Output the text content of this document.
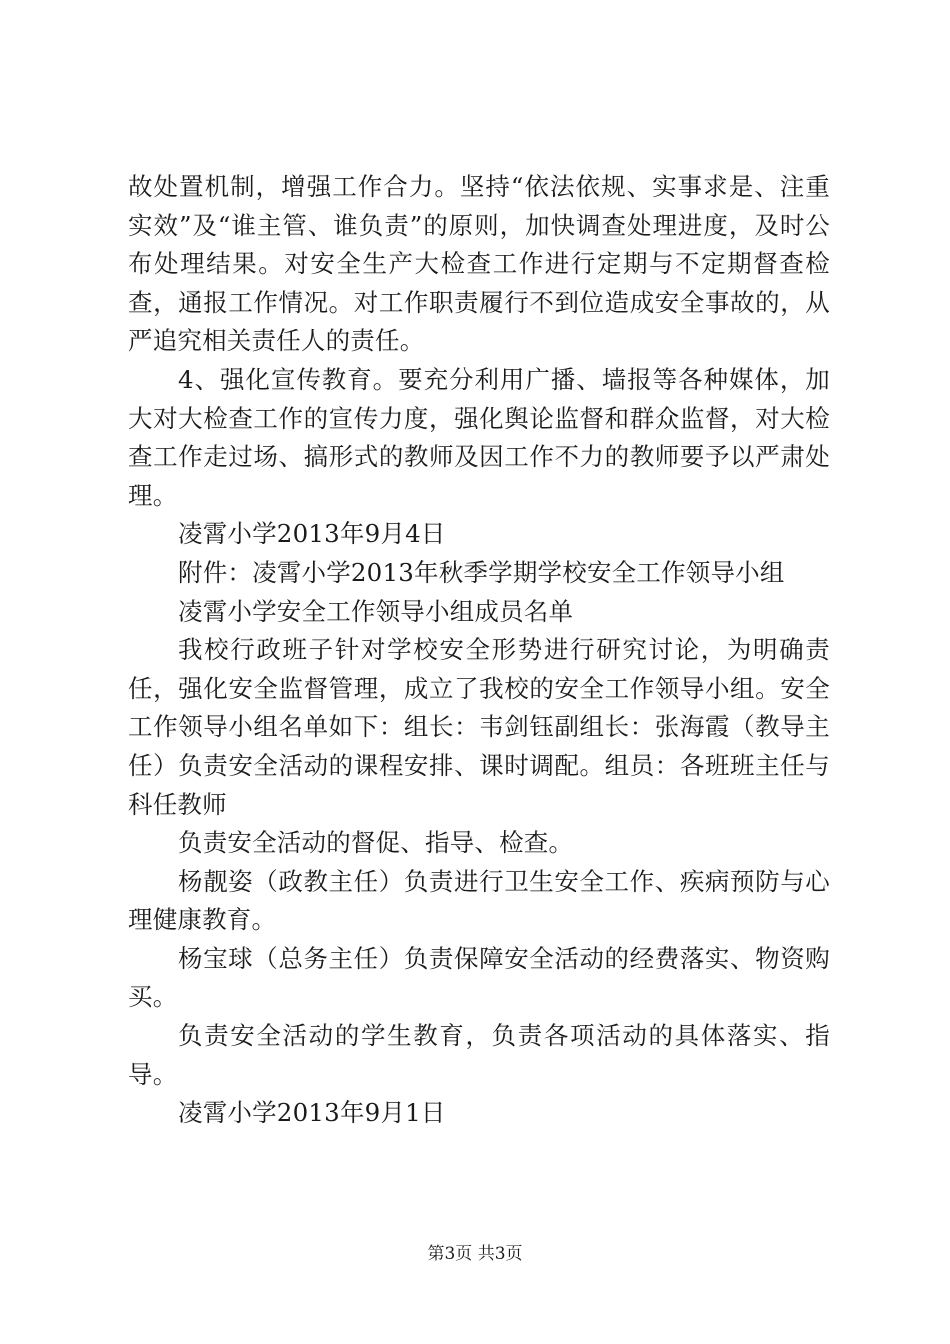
故处置机制，增强工作合力。坚持“依法依规、实事求是、注重实效”及“谁主管、谁负责”的原则，加快调查处理进度，及时公布处理结果。对安全生产大检查工作进行定期与不定期督查检查，通报工作情况。对工作职责履行不到位造成安全事故的，从严追究相关责任人的责任。

4、强化宣传教育。要充分利用广播、墙报等各种媒体，加大对大检查工作的宣传力度，强化舆论监督和群众监督，对大检查工作走过场、搞形式的教师及因工作不力的教师要予以严肃处理。

凌霄小学2013年9月4日

附件：凌霄小学2013年秋季学期学校安全工作领导小组

凌霄小学安全工作领导小组成员名单

我校行政班子针对学校安全形势进行研究讨论，为明确责任，强化安全监督管理，成立了我校的安全工作领导小组。安全工作领导小组名单如下：组长：韦剑钰副组长：张海霞（教导主任）负责安全活动的课程安排、课时调配。组员：各班班主任与科任教师

负责安全活动的督促、指导、检查。

杨靓姿（政教主任）负责进行卫生安全工作、疾病预防与心理健康教育。

杨宝球（总务主任）负责保障安全活动的经费落实、物资购买。

负责安全活动的学生教育，负责各项活动的具体落实、指导。

凌霄小学2013年9月1日

第3页 共3页
